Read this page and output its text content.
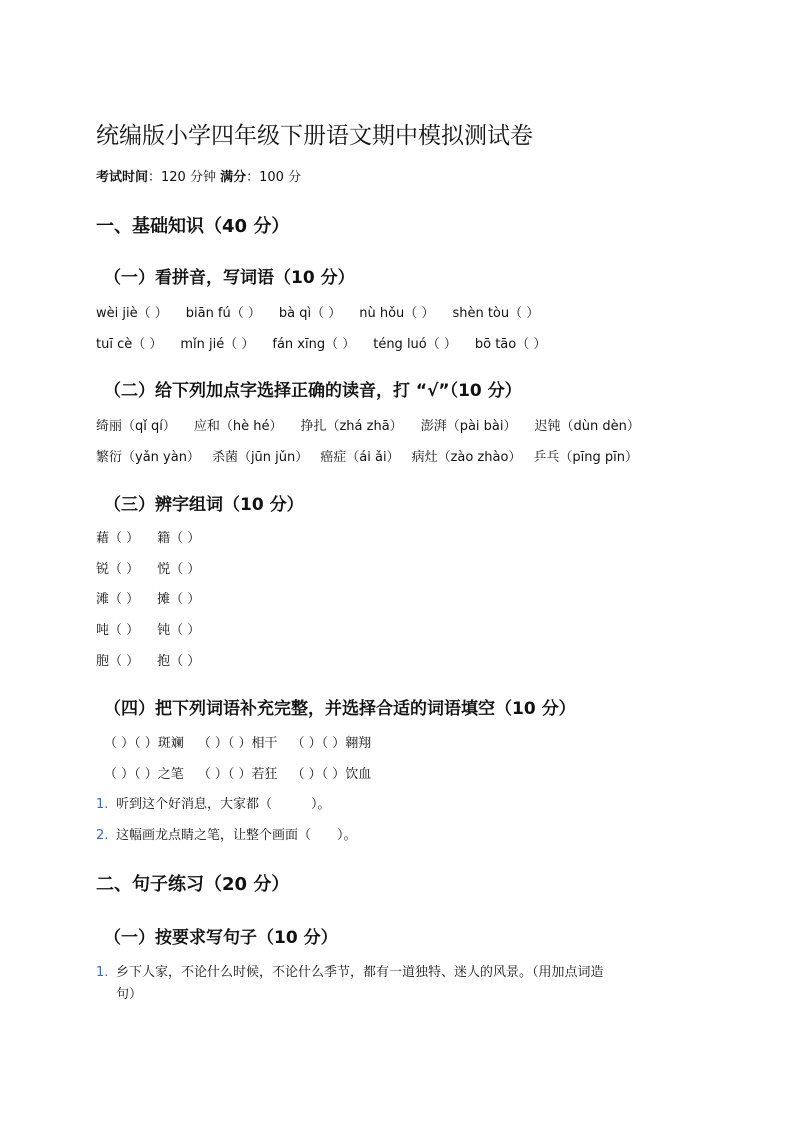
统编版小学四年级下册语文期中模拟测试卷
考试时间：120 分钟 满分：100 分
一、基础知识（40 分）
（一）看拼音，写词语（10 分）
wèi jiè（ ） biān fú（ ） bà qì（ ） nù hǒu（ ） shèn tòu（ ）
tuī cè（ ） mǐn jié（ ） fán xīng（ ） téng luó（ ） bō tāo（ ）
（二）给下列加点字选择正确的读音，打 “√”（10 分）
绮丽（qǐ qí） 应和（hè hé） 挣扎（zhá zhā） 澎湃（pài bài） 迟钝（dùn dèn）
繁衍（yǎn yàn） 杀菌（jūn jǔn） 癌症（ái ǎi） 病灶（zào zhào） 乒乓（pīng pīn）
（三）辨字组词（10 分）
藉（ ） 籍（ ）
锐（ ） 悦（ ）
滩（ ） 摊（ ）
吨（ ） 钝（ ）
胞（ ） 抱（ ）
（四）把下列词语补充完整，并选择合适的词语填空（10 分）
（ ）（ ）斑斓 （ ）（ ）相干 （ ）（ ）翱翔
（ ）（ ）之笔 （ ）（ ）若狂 （ ）（ ）饮血
1. 听到这个好消息，大家都（　　　）。
2. 这幅画龙点睛之笔，让整个画面（　　）。
二、句子练习（20 分）
（一）按要求写句子（10 分）
1. 乡下人家，不论什么时候，不论什么季节，都有一道独特、迷人的风景。（用加点词造
句）
